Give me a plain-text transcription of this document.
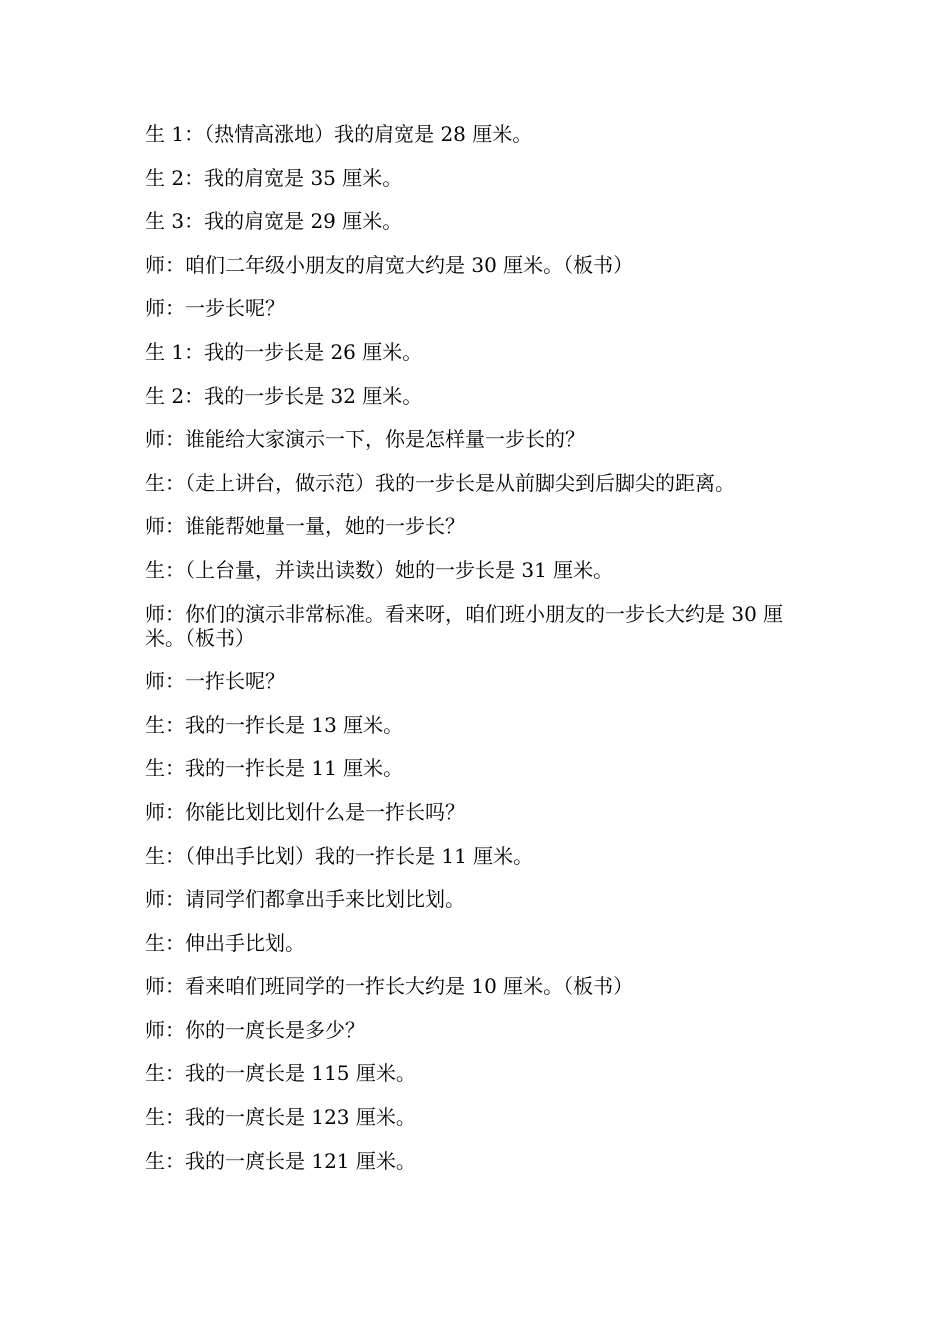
生 1：（热情高涨地）我的肩宽是 28 厘米。

生 2：我的肩宽是 35 厘米。

生 3：我的肩宽是 29 厘米。

师：咱们二年级小朋友的肩宽大约是 30 厘米。（板书）

师：一步长呢？

生 1：我的一步长是 26 厘米。

生 2：我的一步长是 32 厘米。

师：谁能给大家演示一下，你是怎样量一步长的？

生：（走上讲台，做示范）我的一步长是从前脚尖到后脚尖的距离。

师：谁能帮她量一量，她的一步长？

生：（上台量，并读出读数）她的一步长是 31 厘米。

师：你们的演示非常标准。看来呀，咱们班小朋友的一步长大约是 30 厘米。（板书）

师：一拃长呢？

生：我的一拃长是 13 厘米。

生：我的一拃长是 11 厘米。

师：你能比划比划什么是一拃长吗？

生：（伸出手比划）我的一拃长是 11 厘米。

师：请同学们都拿出手来比划比划。

生：伸出手比划。

师：看来咱们班同学的一拃长大约是 10 厘米。（板书）

师：你的一庹长是多少？

生：我的一庹长是 115 厘米。

生：我的一庹长是 123 厘米。

生：我的一庹长是 121 厘米。
